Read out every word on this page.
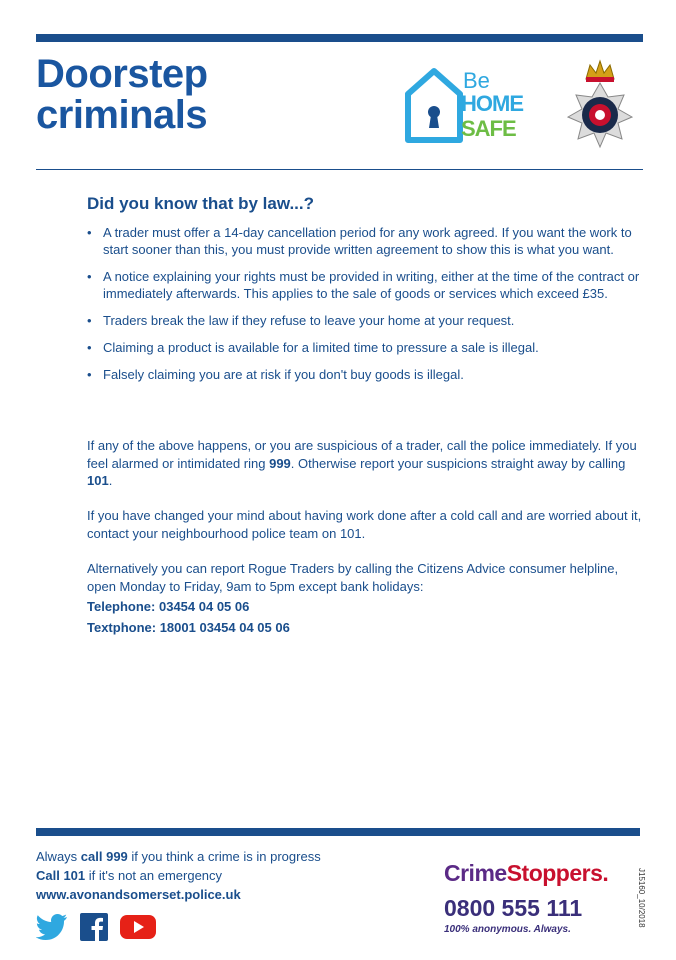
Doorstep
criminals
Be
HOME
SAFE
Did you know that by law...?
• A trader must offer a 14-day cancellation period for any work agreed. If you want the work to start sooner than this, you must provide written agreement to show this is what you want.
• A notice explaining your rights must be provided in writing, either at the time of the contract or immediately afterwards. This applies to the sale of goods or services which exceed £35.
• Traders break the law if they refuse to leave your home at your request.
• Claiming a product is available for a limited time to pressure a sale is illegal.
• Falsely claiming you are at risk if you don't buy goods is illegal.
If any of the above happens, or you are suspicious of a trader, call the police immediately. If you feel alarmed or intimidated ring 999. Otherwise report your suspicions straight away by calling 101.
If you have changed your mind about having work done after a cold call and are worried about it, contact your neighbourhood police team on 101.
Alternatively you can report Rogue Traders by calling the Citizens Advice consumer helpline, open Monday to Friday, 9am to 5pm except bank holidays:
Telephone: 03454 04 05 06
Textphone: 18001 03454 04 05 06
Always call 999 if you think a crime is in progress
Call 101 if it's not an emergency
www.avonandsomerset.police.uk
CrimeStoppers.
0800 555 111
100% anonymous. Always.
J15160_10/2018
